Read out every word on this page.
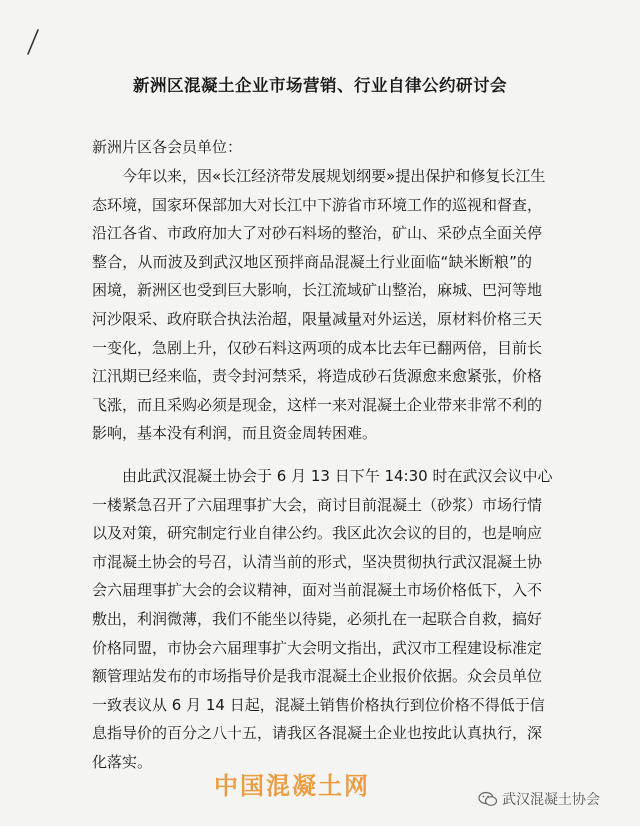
新洲区混凝土企业市场营销、行业自律公约研讨会
新洲片区各会员单位：
今年以来，因«长江经济带发展规划纲要»提出保护和修复长江生
态环境，国家环保部加大对长江中下游省市环境工作的巡视和督查，
沿江各省、市政府加大了对砂石料场的整治，矿山、采砂点全面关停
整合，从而波及到武汉地区预拌商品混凝土行业面临“缺米断粮”的
困境，新洲区也受到巨大影响，长江流域矿山整治，麻城、巴河等地
河沙限采、政府联合执法治超，限量减量对外运送，原材料价格三天
一变化，急剧上升，仅砂石料这两项的成本比去年已翻两倍，目前长
江汛期已经来临，责令封河禁采，将造成砂石货源愈来愈紧张，价格
飞涨，而且采购必须是现金，这样一来对混凝土企业带来非常不利的
影响，基本没有利润，而且资金周转困难。
由此武汉混凝土协会于 6 月 13 日下午 14:30 时在武汉会议中心
一楼紧急召开了六届理事扩大会，商讨目前混凝土（砂浆）市场行情
以及对策，研究制定行业自律公约。我区此次会议的目的，也是响应
市混凝土协会的号召，认清当前的形式，坚决贯彻执行武汉混凝土协
会六届理事扩大会的会议精神，面对当前混凝土市场价格低下，入不
敷出，利润微薄，我们不能坐以待毙，必须扎在一起联合自救，搞好
价格同盟，市协会六届理事扩大会明文指出，武汉市工程建设标准定
额管理站发布的市场指导价是我市混凝土企业报价依据。众会员单位
一致表议从 6 月 14 日起，混凝土销售价格执行到位价格不得低于信
息指导价的百分之八十五，请我区各混凝土企业也按此认真执行，深
化落实。
中国混凝土网	武汉混凝土协会
